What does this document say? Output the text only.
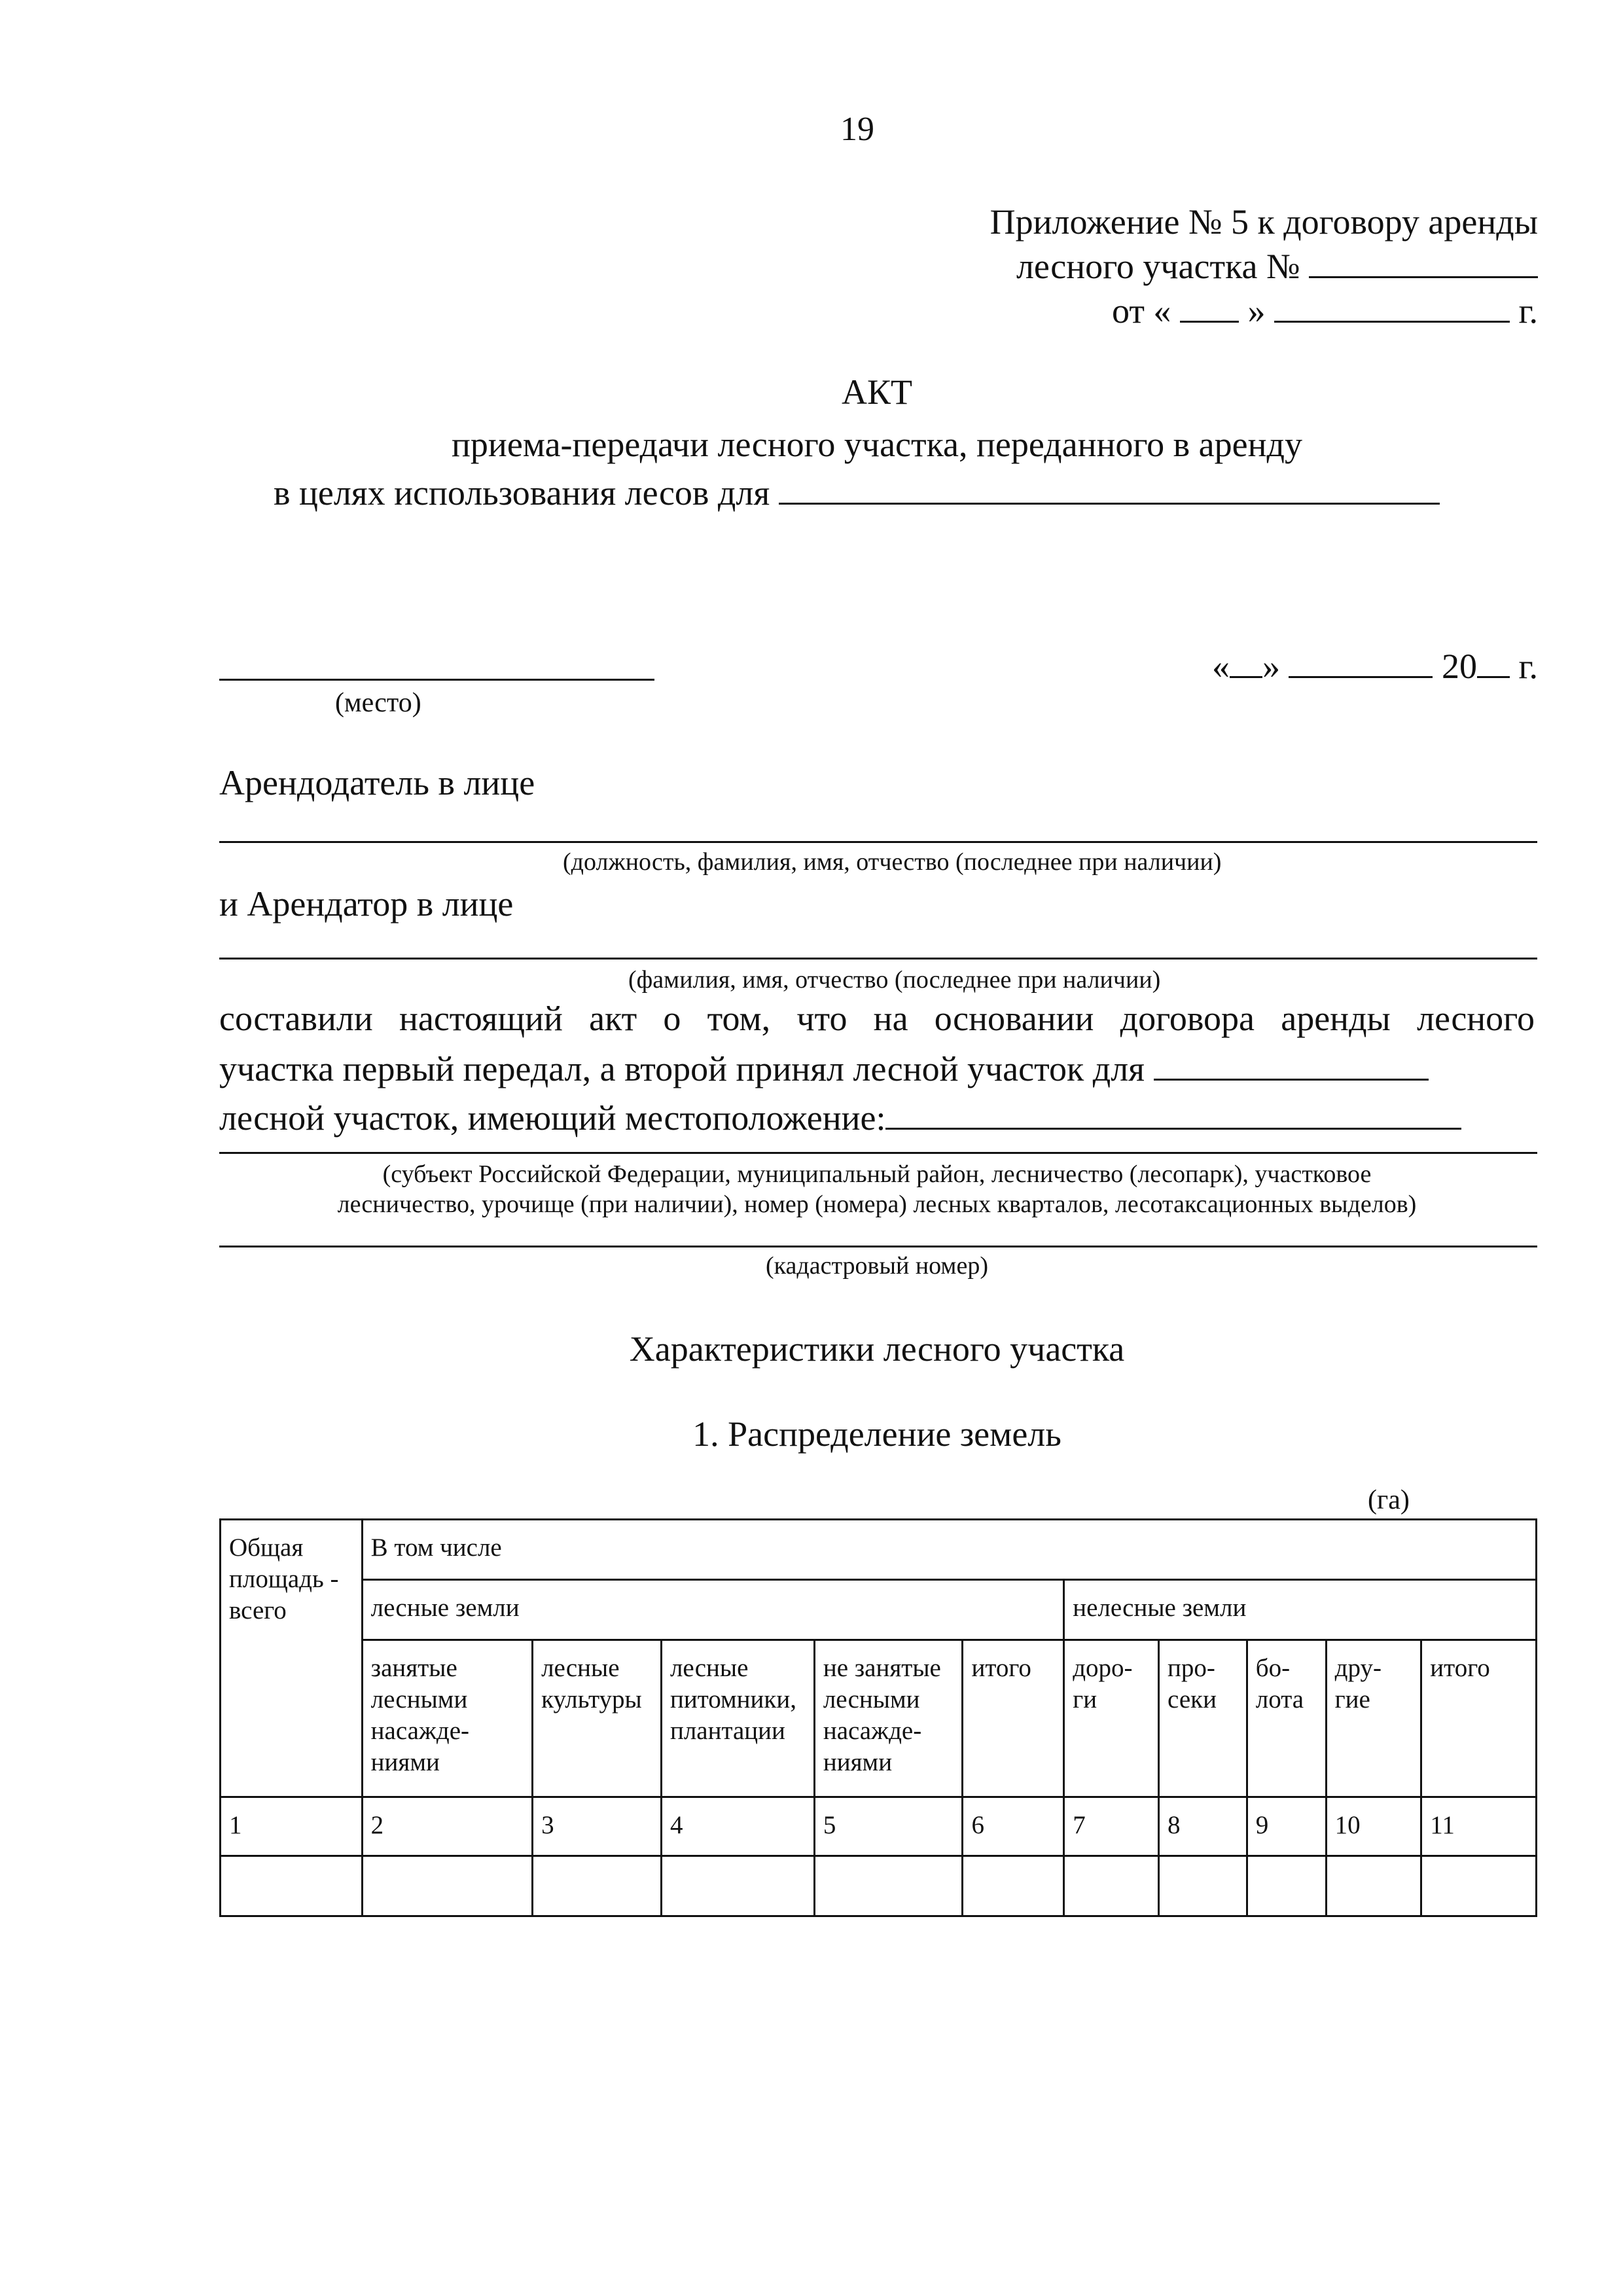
19
Приложение № 5 к договору аренды
лесного участка №
от « »	г.
АКТ
приема-передачи лесного участка, переданного в аренду
в целях использования лесов для
(место)
« »	20 г.
Арендодатель в лице
(должность, фамилия, имя, отчество (последнее при наличии)
и Арендатор в лице
(фамилия, имя, отчество (последнее при наличии)
составили настоящий акт о том, что на основании договора аренды лесного
участка первый передал, а второй принял лесной участок для
лесной участок, имеющий местоположение:
(субъект Российской Федерации, муниципальный район, лесничество (лесопарк), участковое
лесничество, урочище (при наличии), номер (номера) лесных кварталов, лесотаксационных выделов)
(кадастровый номер)
Характеристики лесного участка
1. Распределение земель
(га)
Общая площадь - всего	В том числе									
	лесные земли					нелесные земли				
	занятые лесными насажде-ниями	лесные культуры	лесные питомники, плантации	не занятые лесными насажде-ниями	итого	доро-ги	про-секи	бо-лота	дру-гие	итого
1	2	3	4	5	6	7	8	9	10	11
